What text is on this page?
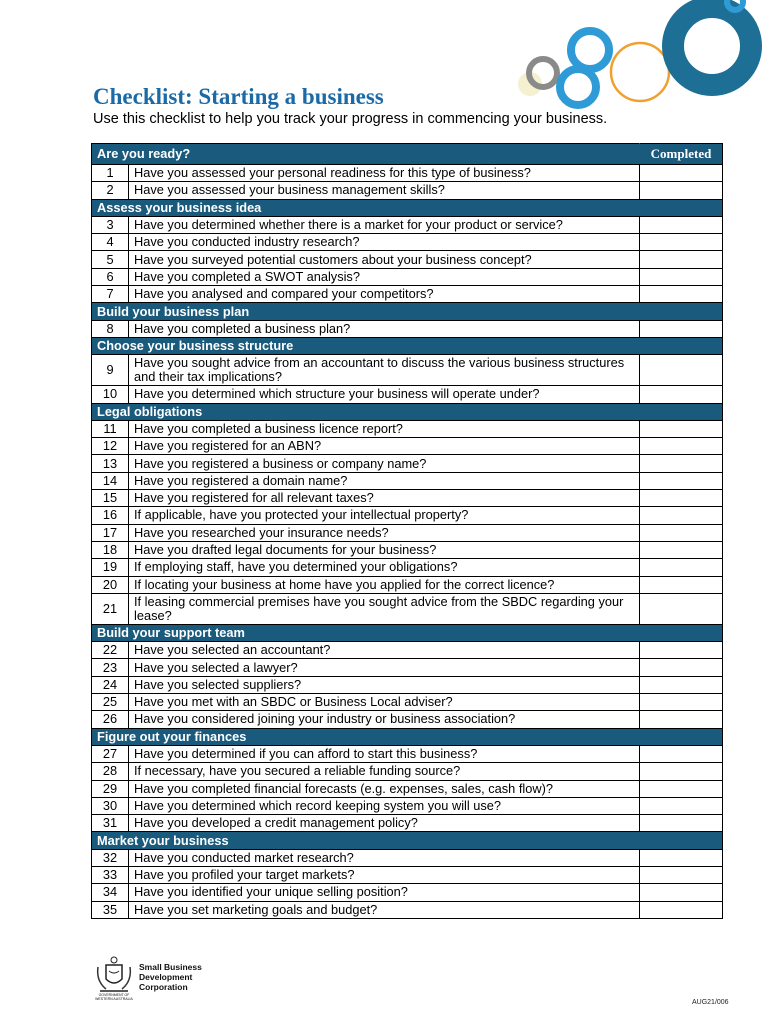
Checklist: Starting a business

Use this checklist to help you track your progress in commencing your business.

Are you ready?		Completed
1	Have you assessed your personal readiness for this type of business?	
2	Have you assessed your business management skills?	
Assess your business idea		
3	Have you determined whether there is a market for your product or service?	
4	Have you conducted industry research?	
5	Have you surveyed potential customers about your business concept?	
6	Have you completed a SWOT analysis?	
7	Have you analysed and compared your competitors?	
Build your business plan		
8	Have you completed a business plan?	
Choose your business structure		
9	Have you sought advice from an accountant to discuss the various business structures and their tax implications?	
10	Have you determined which structure your business will operate under?	
Legal obligations		
11	Have you completed a business licence report?	
12	Have you registered for an ABN?	
13	Have you registered a business or company name?	
14	Have you registered a domain name?	
15	Have you registered for all relevant taxes?	
16	If applicable, have you protected your intellectual property?	
17	Have you researched your insurance needs?	
18	Have you drafted legal documents for your business?	
19	If employing staff, have you determined your obligations?	
20	If locating your business at home have you applied for the correct licence?	
21	If leasing commercial premises have you sought advice from the SBDC regarding your lease?	
Build your support team		
22	Have you selected an accountant?	
23	Have you selected a lawyer?	
24	Have you selected suppliers?	
25	Have you met with an SBDC or Business Local adviser?	
26	Have you considered joining your industry or business association?	
Figure out your finances		
27	Have you determined if you can afford to start this business?	
28	If necessary, have you secured a reliable funding source?	
29	Have you completed financial forecasts (e.g. expenses, sales, cash flow)?	
30	Have you determined which record keeping system you will use?	
31	Have you developed a credit management policy?	
Market your business		
32	Have you conducted market research?	
33	Have you profiled your target markets?	
34	Have you identified your unique selling position?	
35	Have you set marketing goals and budget?	
GOVERNMENT OF WESTERN AUSTRALIA
Small Business
Development Corporation
AUG21/006
